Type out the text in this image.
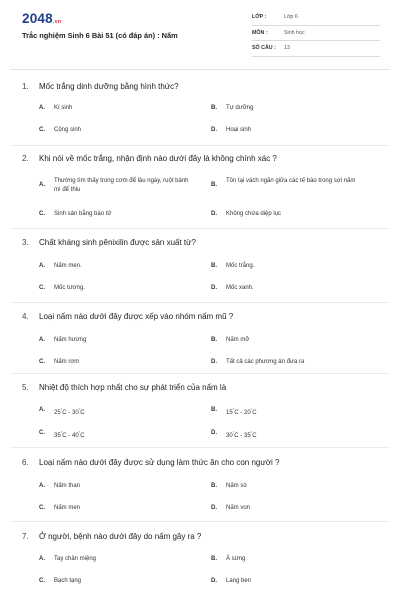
2048.vn
Trắc nghiệm Sinh 6 Bài 51 (có đáp án) : Nấm
LỚP :	Lớp 6
MÔN :	Sinh học
SỐ CÂU : 13
1. Mốc trắng dinh dưỡng bằng hình thức?
A. Kí sinh	B. Tự dưỡng
C. Cộng sinh	D. Hoại sinh
2. Khi nói về mốc trắng, nhận định nào dưới đây là không chính xác ?
A.
Thường tìm thấy trong cơm để lâu ngày, ruột bánh mì để thiu
B.
Tồn tại vách ngăn giữa các tế bào trong sợi nấm
C. Sinh sản bằng bào tử	D. Không chứa diệp lục
3. Chất kháng sinh pênixilin được sản xuất từ?
A. Nấm men.	B. Mốc trắng.
C. Mốc tương.	D. Mốc xanh.
4. Loại nấm nào dưới đây được xếp vào nhóm nấm mũ ?
A. Nấm hương	B. Nấm mỡ
C. Nấm rơm	D. Tất cả các phương án đưa ra
5. Nhiệt độ thích hợp nhất cho sự phát triển của nấm là
A. 25°C - 30°C	B. 15°C - 20°C
C. 35°C - 40°C	D. 30°C - 35°C
6. Loại nấm nào dưới đây được sử dụng làm thức ăn cho con người ?
A. Nấm than	B. Nấm sò
C. Nấm men	D. Nấm von
7. Ở người, bệnh nào dưới đây do nấm gây ra ?
A. Tay chân miệng	B. Á sừng
C. Bạch tạng	D. Lang ben
